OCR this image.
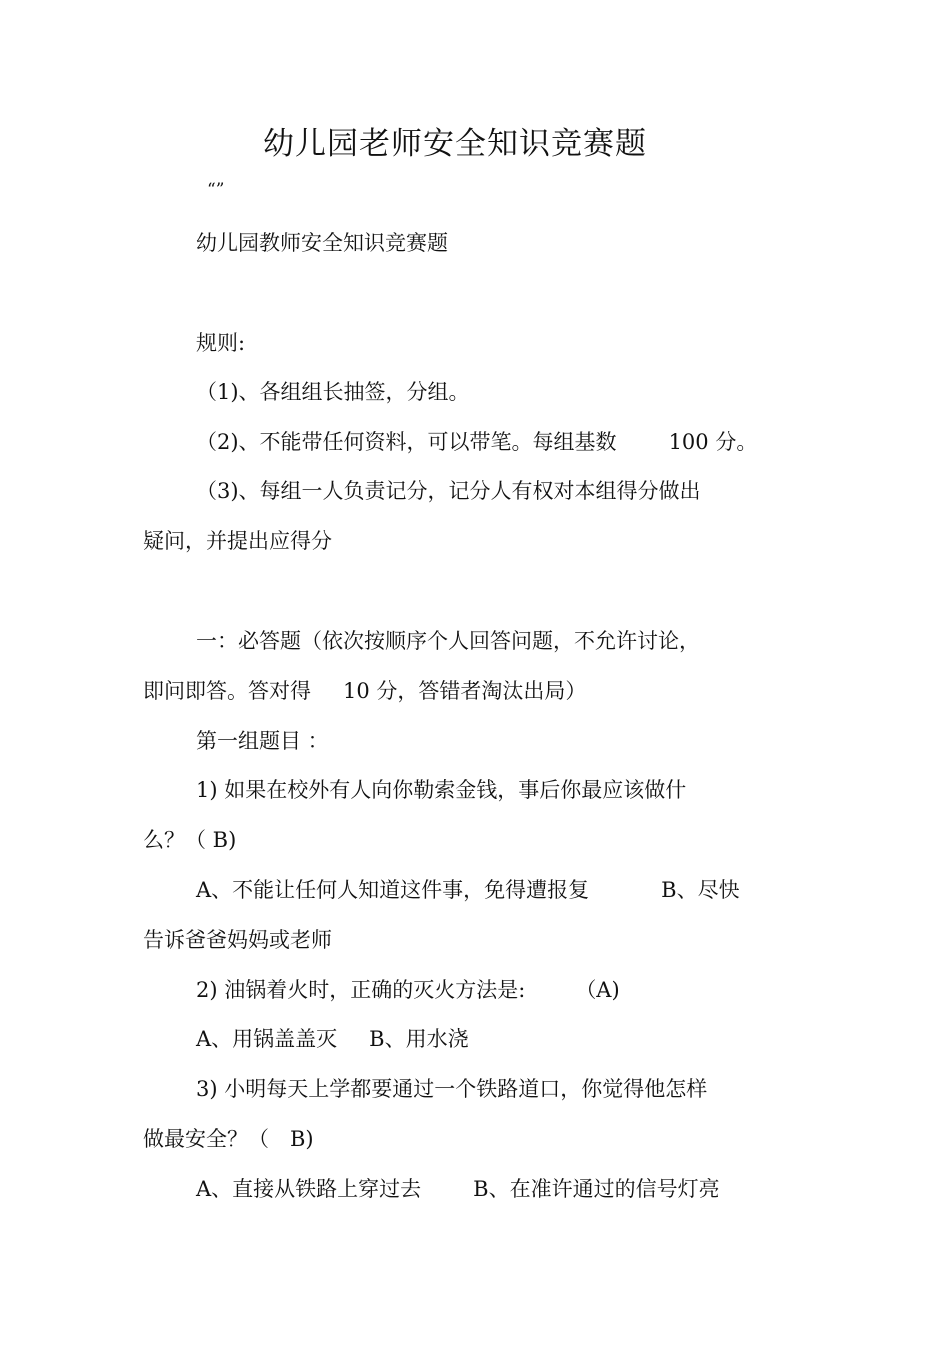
幼儿园老师安全知识竞赛题
“”
幼儿园教师安全知识竞赛题
规则:
（1)、各组组长抽签，分组。
（2)、不能带任何资料，可以带笔。每组基数 100 分。
（3)、每组一人负责记分，记分人有权对本组得分做出
疑问，并提出应得分
一：必答题（依次按顺序个人回答问题，不允许讨论，
即问即答。答对得 10 分，答错者淘汰出局）
第一组题目 ：
1) 如果在校外有人向你勒索金钱，事后你最应该做什
么？（ B)
A、不能让任何人知道这件事，免得遭报复	B、尽快
告诉爸爸妈妈或老师
2) 油锅着火时，正确的灭火方法是: （A)
A、用锅盖盖灭 B、用水浇
3) 小明每天上学都要通过一个铁路道口，你觉得他怎样
做最安全？（　B)
A、直接从铁路上穿过去 B、在准许通过的信号灯亮
